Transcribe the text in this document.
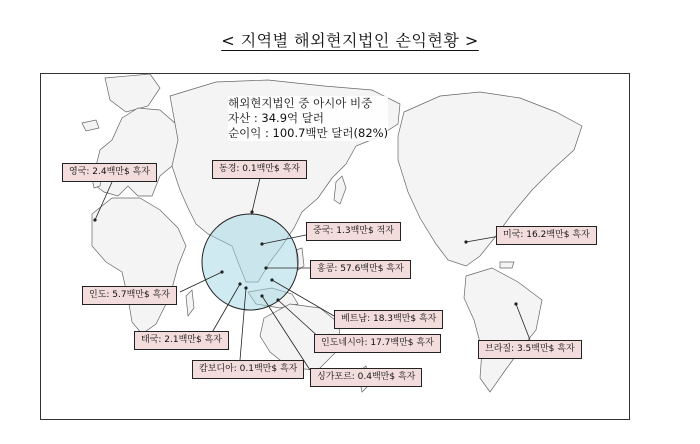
< 지역별 해외현지법인 손익현황 >
해외현지법인 중 아시아 비중
자산 : 34.9억 달러
순이익 : 100.7백만 달러(82%)
영국: 2.4백만$ 흑자	동경: 0.1백만$ 흑자
중국: 1.3백만$ 적자	미국: 16.2백만$ 흑자
홍콩: 57.6백만$ 흑자
인도: 5.7백만$ 흑자
베트남: 18.3백만$ 흑자
태국: 2.1백만$ 흑자	인도네시아: 17.7백만$ 흑자
브라질: 3.5백만$ 흑자
캄보디아: 0.1백만$ 흑자
싱가포르: 0.4백만$ 흑자
